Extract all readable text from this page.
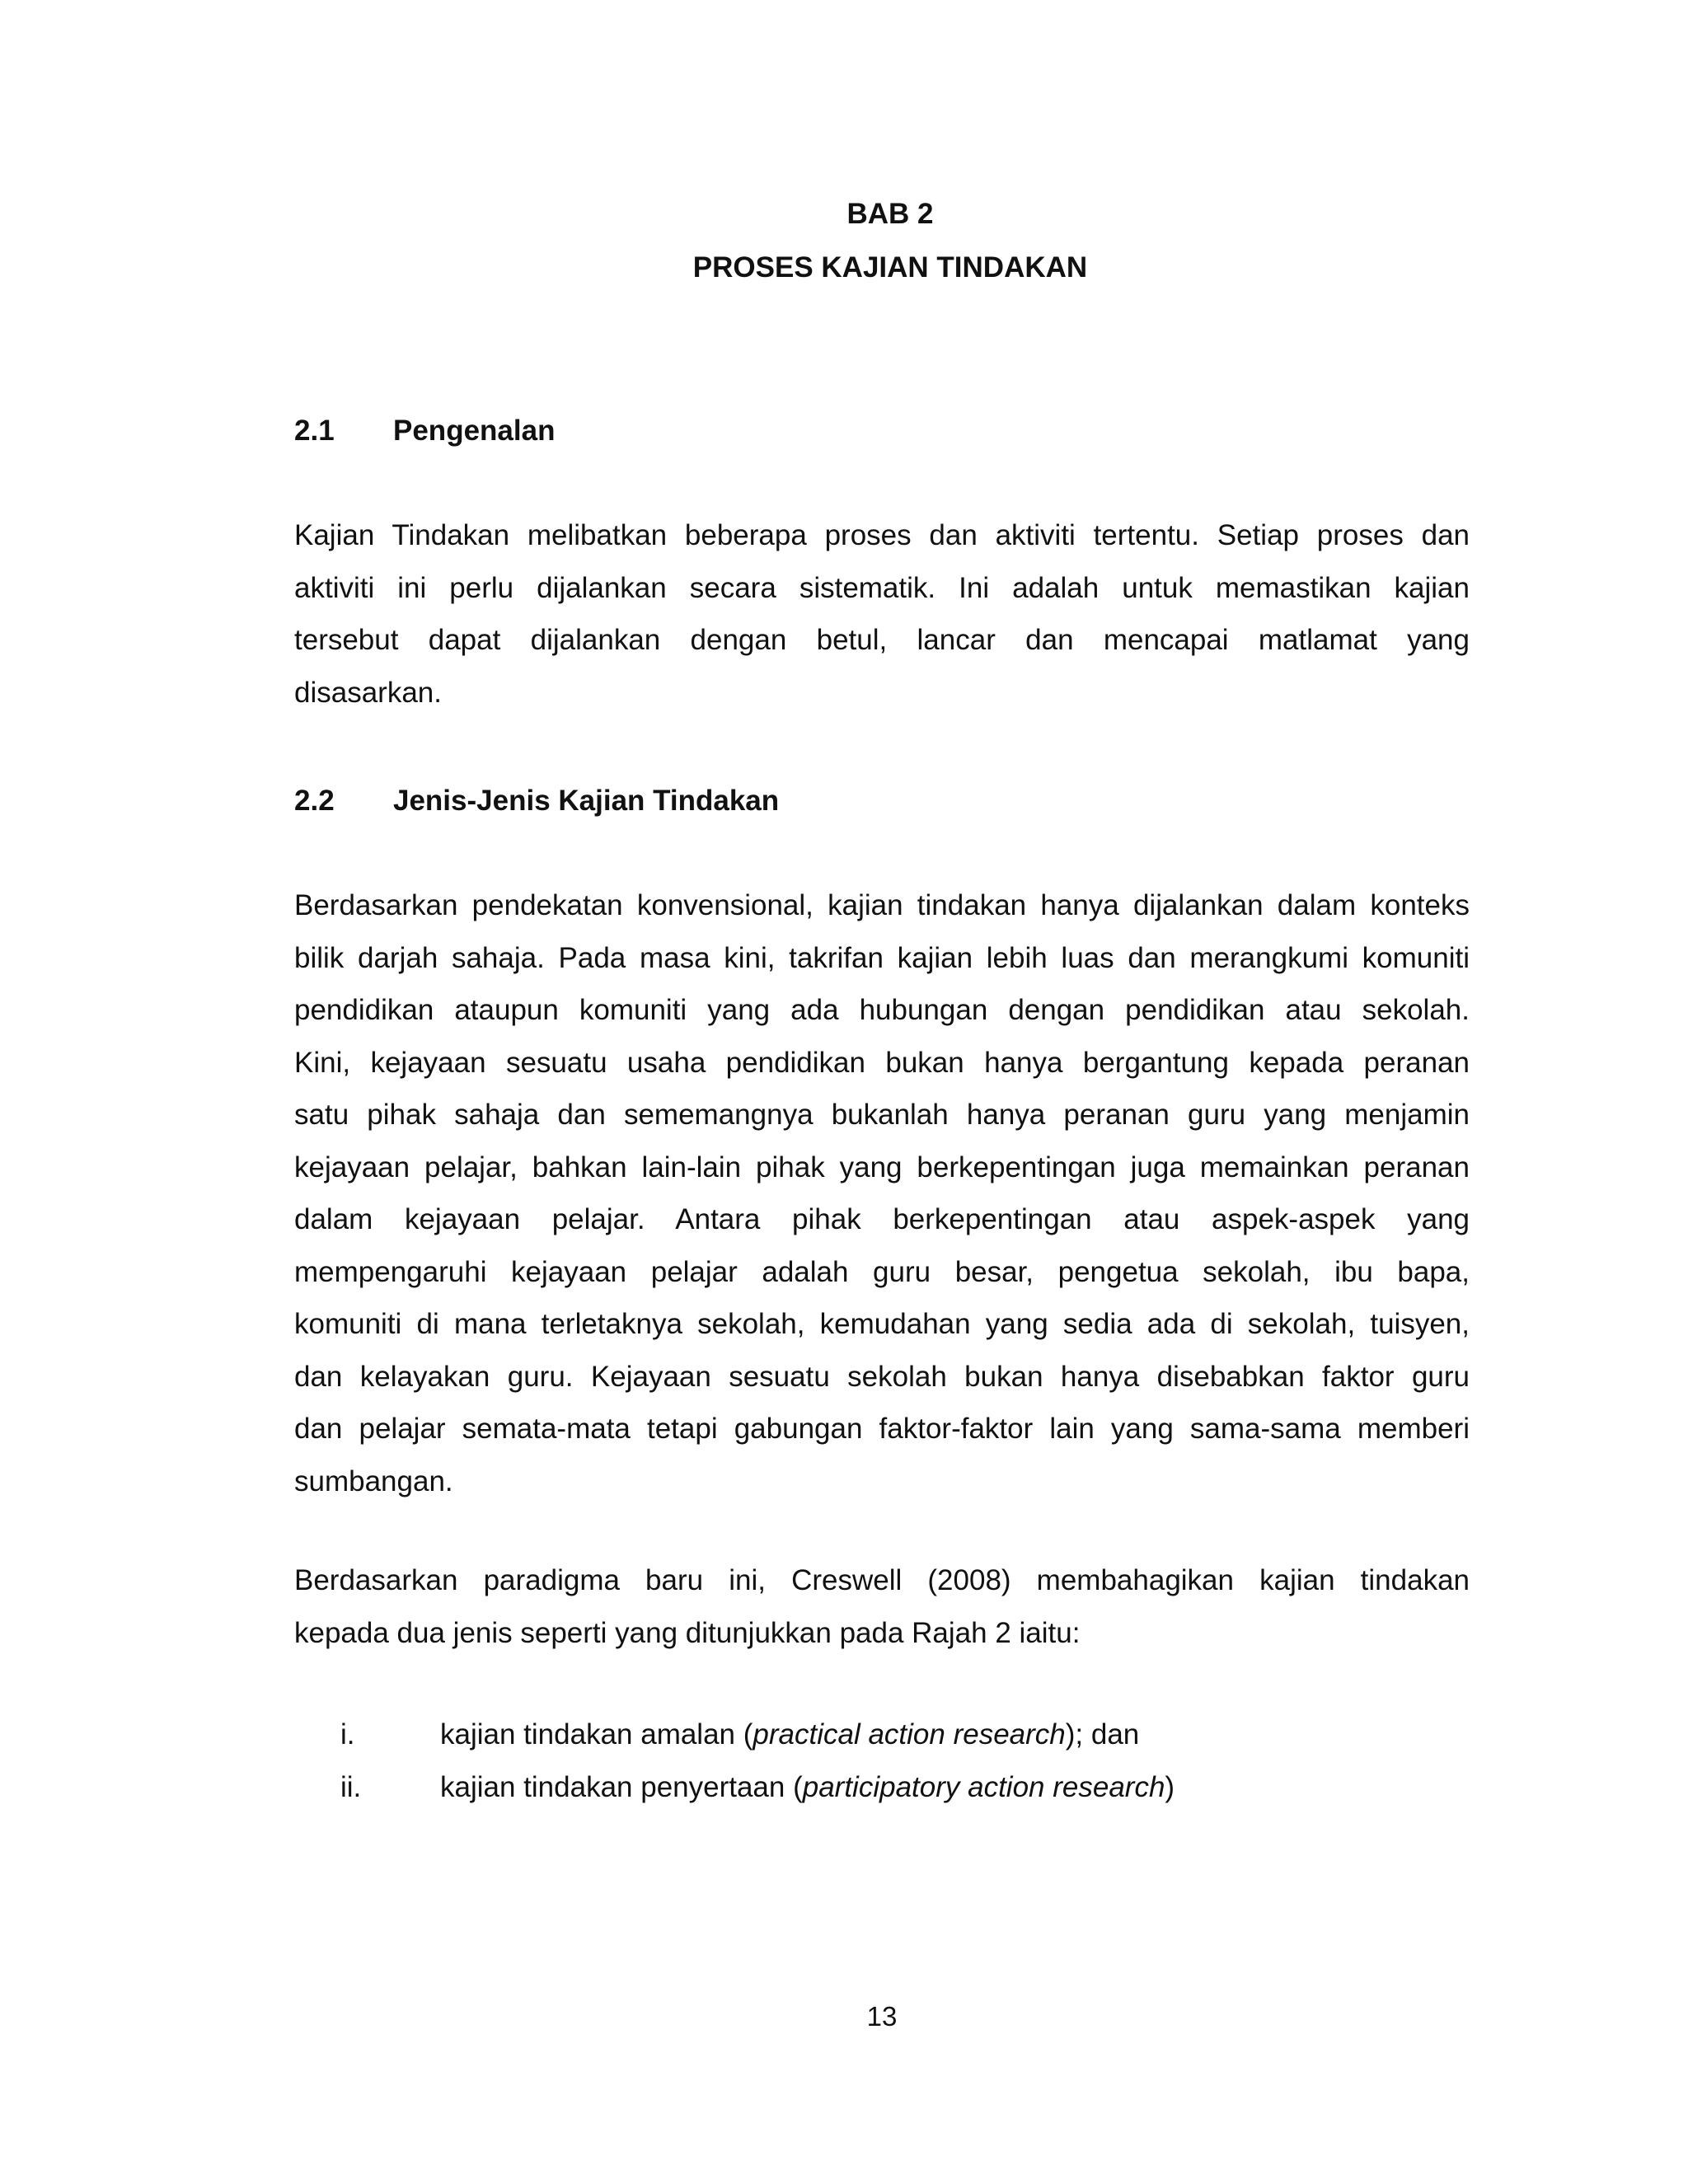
BAB 2
PROSES KAJIAN TINDAKAN
2.1 Pengenalan
Kajian Tindakan melibatkan beberapa proses dan aktiviti tertentu. Setiap proses dan
aktiviti ini perlu dijalankan secara sistematik. Ini adalah untuk memastikan kajian
tersebut dapat dijalankan dengan betul, lancar dan mencapai matlamat yang
disasarkan.
2.2 Jenis-Jenis Kajian Tindakan
Berdasarkan pendekatan konvensional, kajian tindakan hanya dijalankan dalam konteks
bilik darjah sahaja. Pada masa kini, takrifan kajian lebih luas dan merangkumi komuniti
pendidikan ataupun komuniti yang ada hubungan dengan pendidikan atau sekolah.
Kini, kejayaan sesuatu usaha pendidikan bukan hanya bergantung kepada peranan
satu pihak sahaja dan sememangnya bukanlah hanya peranan guru yang menjamin
kejayaan pelajar, bahkan lain-lain pihak yang berkepentingan juga memainkan peranan
dalam kejayaan pelajar. Antara pihak berkepentingan atau aspek-aspek yang
mempengaruhi kejayaan pelajar adalah guru besar, pengetua sekolah, ibu bapa,
komuniti di mana terletaknya sekolah, kemudahan yang sedia ada di sekolah, tuisyen,
dan kelayakan guru. Kejayaan sesuatu sekolah bukan hanya disebabkan faktor guru
dan pelajar semata-mata tetapi gabungan faktor-faktor lain yang sama-sama memberi
sumbangan.
Berdasarkan paradigma baru ini, Creswell (2008) membahagikan kajian tindakan
kepada dua jenis seperti yang ditunjukkan pada Rajah 2 iaitu:
i.	kajian tindakan amalan (practical action research); dan
ii.	kajian tindakan penyertaan (participatory action research)
13
